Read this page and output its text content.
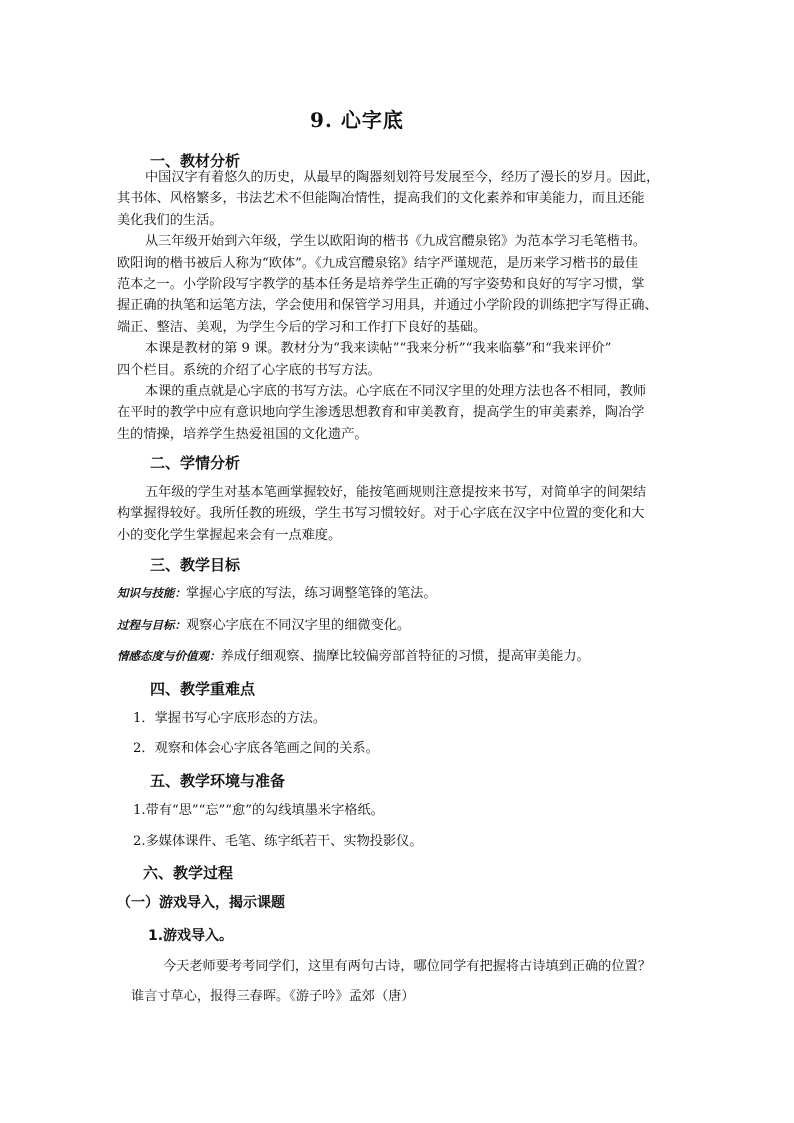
9. 心字底
一、教材分析
中国汉字有着悠久的历史，从最早的陶器刻划符号发展至今，经历了漫长的岁月。因此，
其书体、风格繁多，书法艺术不但能陶冶情性，提高我们的文化素养和审美能力，而且还能
美化我们的生活。
从三年级开始到六年级，学生以欧阳询的楷书《九成宫醴泉铭》为范本学习毛笔楷书。
欧阳询的楷书被后人称为“欧体”。《九成宫醴泉铭》结字严谨规范，是历来学习楷书的最佳
范本之一。小学阶段写字教学的基本任务是培养学生正确的写字姿势和良好的写字习惯，掌
握正确的执笔和运笔方法，学会使用和保管学习用具，并通过小学阶段的训练把字写得正确、
端正、整洁、美观，为学生今后的学习和工作打下良好的基础。
本课是教材的第 9 课。教材分为“我来读帖”“我来分析”“我来临摹”和“我来评价”
四个栏目。系统的介绍了心字底的书写方法。
本课的重点就是心字底的书写方法。心字底在不同汉字里的处理方法也各不相同，教师
在平时的教学中应有意识地向学生渗透思想教育和审美教育，提高学生的审美素养，陶冶学
生的情操，培养学生热爱祖国的文化遗产。
二、学情分析
五年级的学生对基本笔画掌握较好，能按笔画规则注意提按来书写，对简单字的间架结
构掌握得较好。我所任教的班级，学生书写习惯较好。对于心字底在汉字中位置的变化和大
小的变化学生掌握起来会有一点难度。
三、教学目标
知识与技能：掌握心字底的写法，练习调整笔锋的笔法。
过程与目标：观察心字底在不同汉字里的细微变化。
情感态度与价值观：养成仔细观察、揣摩比较偏旁部首特征的习惯，提高审美能力。
四、教学重难点
1．掌握书写心字底形态的方法。
2．观察和体会心字底各笔画之间的关系。
五、教学环境与准备
1.带有“思”“忘”“愈”的勾线填墨米字格纸。
2.多媒体课件、毛笔、练字纸若干、实物投影仪。
六、教学过程
（一）游戏导入，揭示课题
1.游戏导入。
今天老师要考考同学们，这里有两句古诗，哪位同学有把握将古诗填到正确的位置？
谁言寸草心，报得三春晖。《游子吟》孟郊（唐）
